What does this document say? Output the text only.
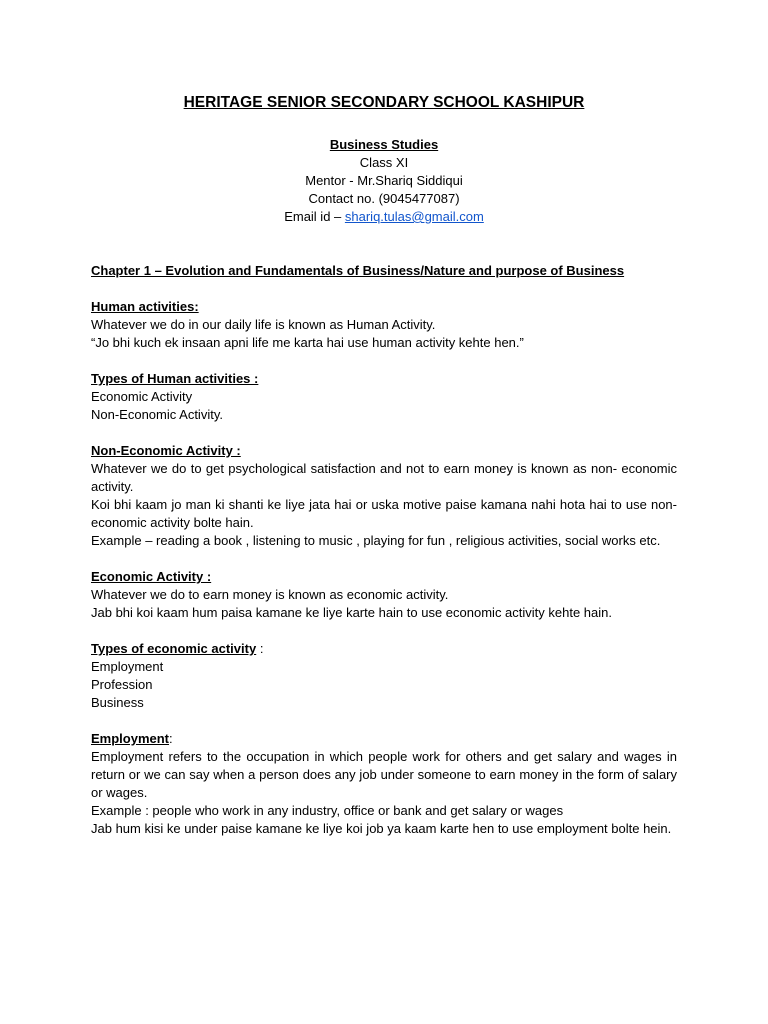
HERITAGE SENIOR SECONDARY SCHOOL KASHIPUR
Business Studies
Class XI
Mentor - Mr.Shariq Siddiqui
Contact no. (9045477087)
Email id – shariq.tulas@gmail.com
Chapter 1 – Evolution and Fundamentals of Business/Nature and purpose of Business
Human activities:
Whatever we do in our daily life is known as Human Activity.
“Jo bhi kuch ek insaan apni life me karta hai use human activity kehte hen.”
Types of Human activities :
Economic Activity
Non-Economic Activity.
Non-Economic Activity :
Whatever we do to get psychological satisfaction and not to earn money is known as non- economic activity.
Koi bhi kaam jo man ki shanti ke liye jata hai or uska motive paise kamana nahi hota hai to use non-economic activity bolte hain.
Example – reading a book , listening to music , playing for fun , religious activities, social works etc.
Economic Activity :
Whatever we do to earn money is known as economic activity.
Jab bhi koi kaam hum paisa kamane ke liye karte hain to use economic activity kehte hain.
Types of economic activity :
Employment
Profession
Business
Employment:
Employment refers to the occupation in which people work for others and get salary and wages in return or we can say when a person does any job under someone to earn money in the form of salary or wages.
Example : people who work in any industry, office or bank and get salary or wages
Jab hum kisi ke under paise kamane ke liye koi job ya kaam karte hen to use employment bolte hein.
